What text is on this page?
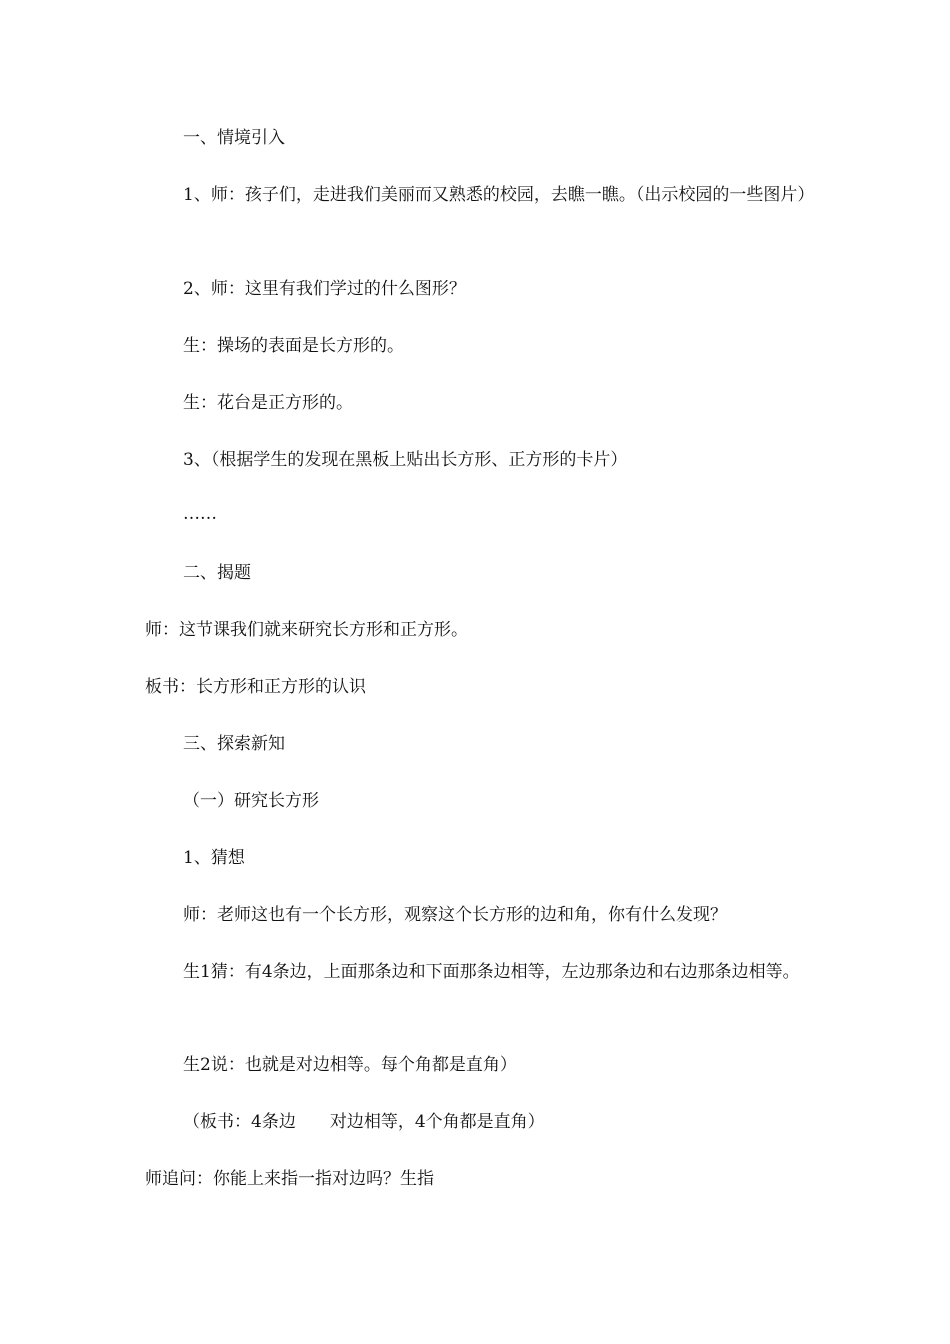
一、情境引入

1、师：孩子们，走进我们美丽而又熟悉的校园，去瞧一瞧。（出示校园的一些图片）

2、师：这里有我们学过的什么图形？

生：操场的表面是长方形的。

生：花台是正方形的。

3、（根据学生的发现在黑板上贴出长方形、正方形的卡片）

……

二、揭题

师：这节课我们就来研究长方形和正方形。

板书：长方形和正方形的认识

三、探索新知

（一）研究长方形

1、猜想

师：老师这也有一个长方形，观察这个长方形的边和角，你有什么发现？

生1猜：有4条边，上面那条边和下面那条边相等，左边那条边和右边那条边相等。

生2说：也就是对边相等。每个角都是直角）

（板书：4条边　　对边相等，4个角都是直角）

师追问：你能上来指一指对边吗？生指
